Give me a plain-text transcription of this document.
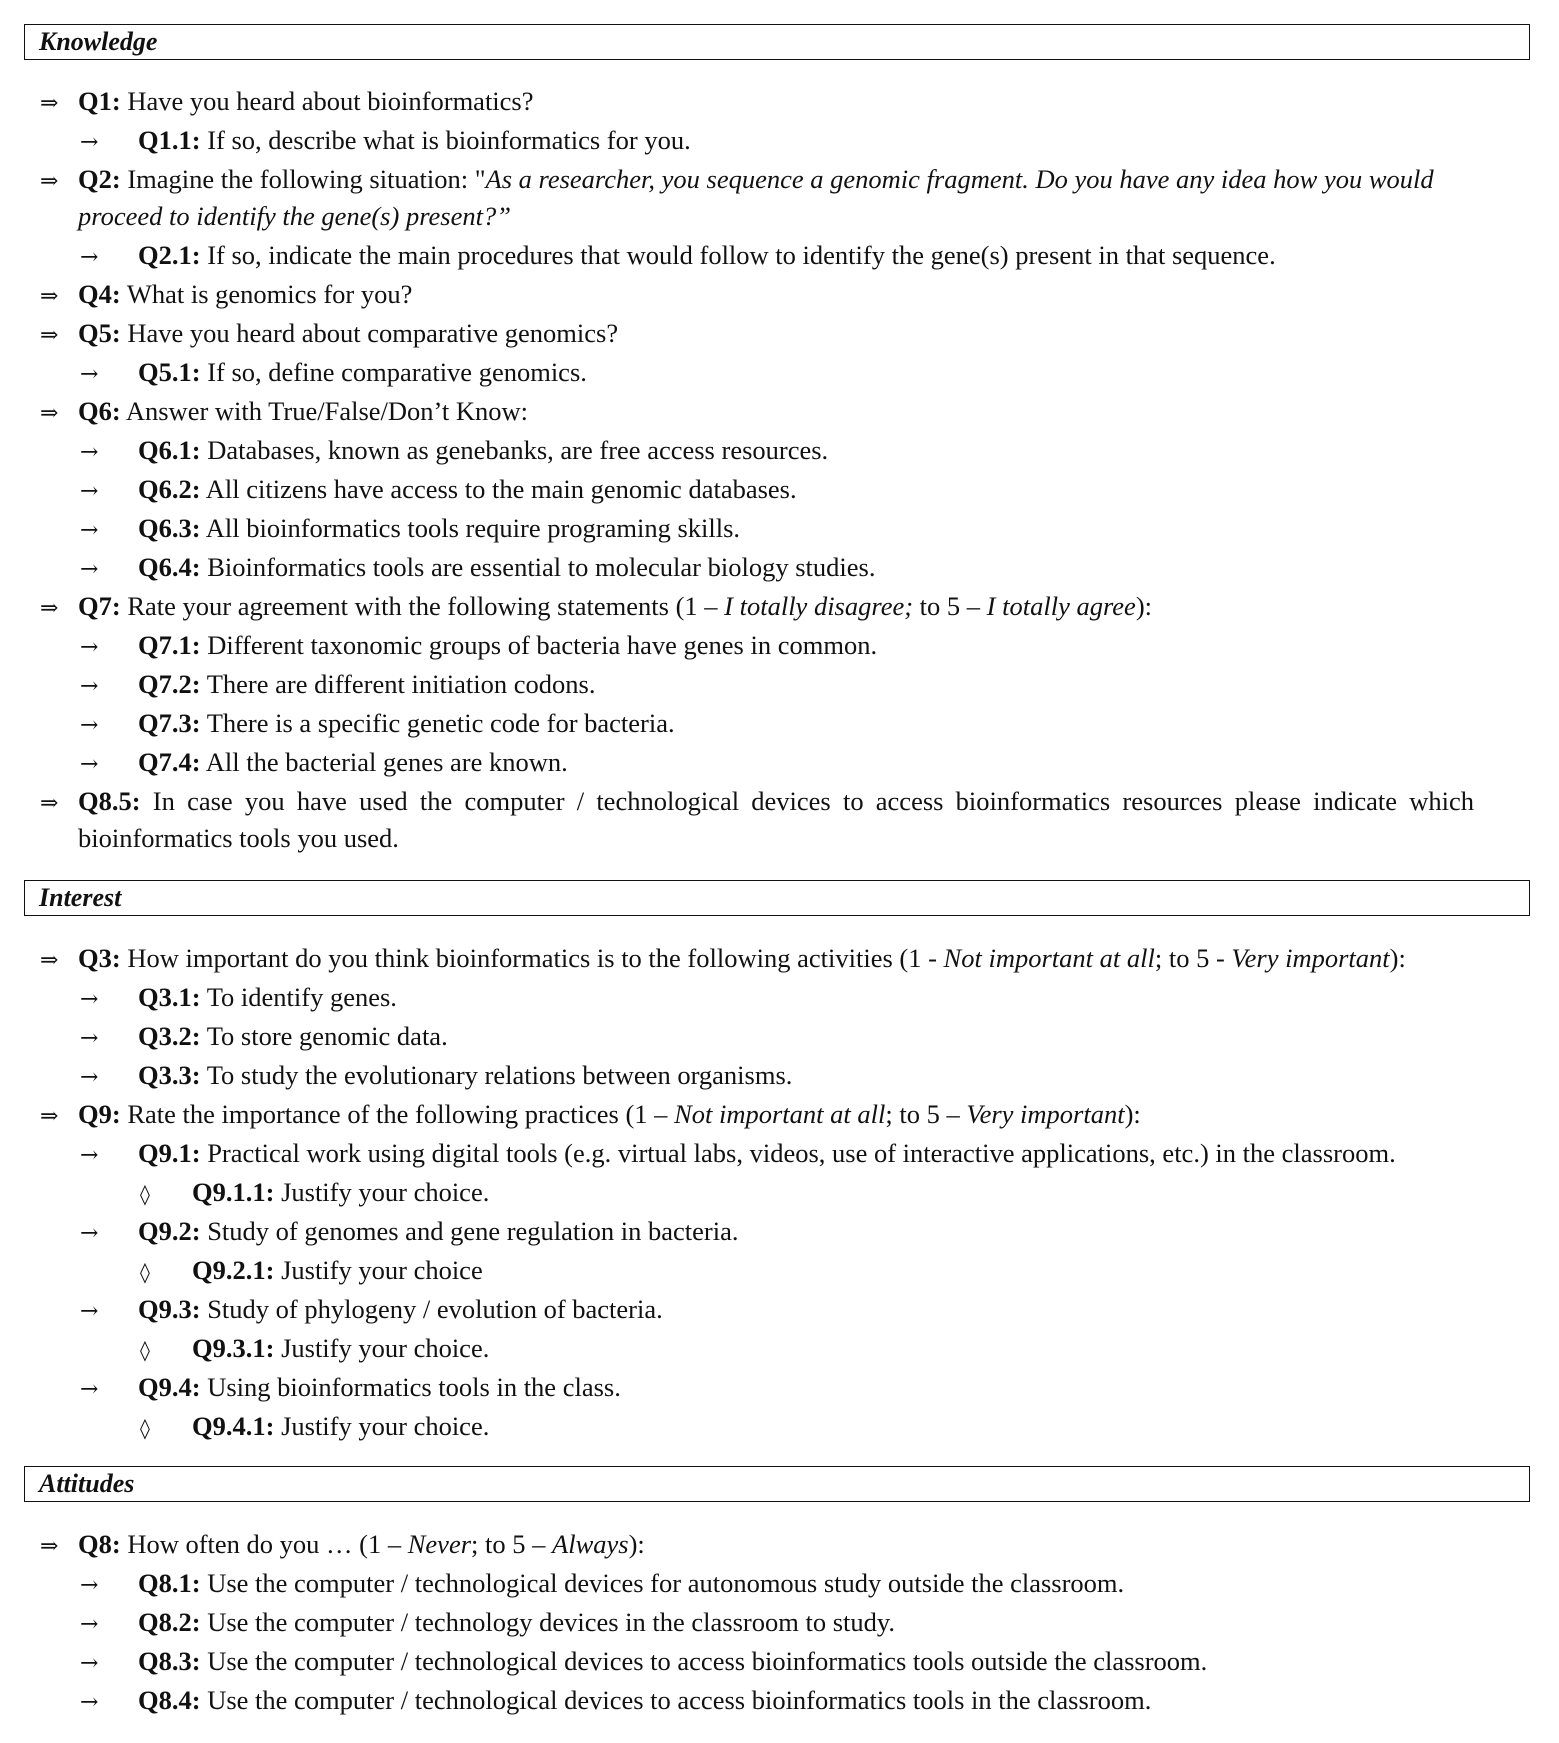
Knowledge
⇒ Q1: Have you heard about bioinformatics?
→ Q1.1: If so, describe what is bioinformatics for you.
⇒ Q2: Imagine the following situation: "As a researcher, you sequence a genomic fragment. Do you have any idea how you would
proceed to identify the gene(s) present?”
→ Q2.1: If so, indicate the main procedures that would follow to identify the gene(s) present in that sequence.
⇒ Q4: What is genomics for you?
⇒ Q5: Have you heard about comparative genomics?
→ Q5.1: If so, define comparative genomics.
⇒ Q6: Answer with True/False/Don’t Know:
→ Q6.1: Databases, known as genebanks, are free access resources.
→ Q6.2: All citizens have access to the main genomic databases.
→ Q6.3: All bioinformatics tools require programing skills.
→ Q6.4: Bioinformatics tools are essential to molecular biology studies.
⇒ Q7: Rate your agreement with the following statements (1 – I totally disagree; to 5 – I totally agree):
→ Q7.1: Different taxonomic groups of bacteria have genes in common.
→ Q7.2: There are different initiation codons.
→ Q7.3: There is a specific genetic code for bacteria.
→ Q7.4: All the bacterial genes are known.
⇒ Q8.5: In case you have used the computer / technological devices to access bioinformatics resources please indicate which
bioinformatics tools you used.
Interest
⇒ Q3: How important do you think bioinformatics is to the following activities (1 - Not important at all; to 5 - Very important):
→ Q3.1: To identify genes.
→ Q3.2: To store genomic data.
→ Q3.3: To study the evolutionary relations between organisms.
⇒ Q9: Rate the importance of the following practices (1 – Not important at all; to 5 – Very important):
→ Q9.1: Practical work using digital tools (e.g. virtual labs, videos, use of interactive applications, etc.) in the classroom.
◊ Q9.1.1: Justify your choice.
→ Q9.2: Study of genomes and gene regulation in bacteria.
◊ Q9.2.1: Justify your choice
→ Q9.3: Study of phylogeny / evolution of bacteria.
◊ Q9.3.1: Justify your choice.
→ Q9.4: Using bioinformatics tools in the class.
◊ Q9.4.1: Justify your choice.
Attitudes
⇒ Q8: How often do you … (1 – Never; to 5 – Always):
→ Q8.1: Use the computer / technological devices for autonomous study outside the classroom.
→ Q8.2: Use the computer / technology devices in the classroom to study.
→ Q8.3: Use the computer / technological devices to access bioinformatics tools outside the classroom.
→ Q8.4: Use the computer / technological devices to access bioinformatics tools in the classroom.
